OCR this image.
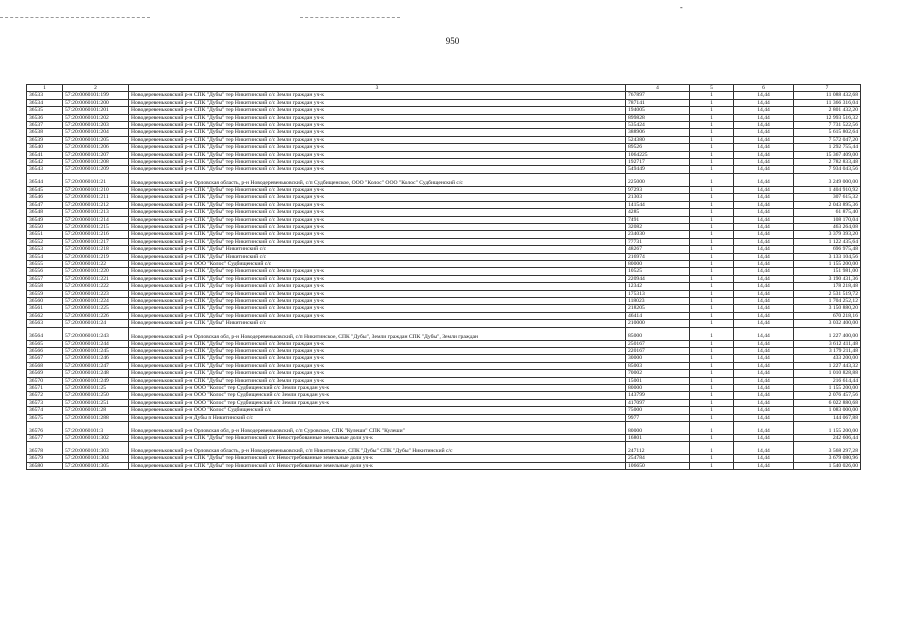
-
950
1	2	3	4	5	6	7
36533	57:20:0060101:199	Новодеревеньковский р-н СПК "Дубы" тер Никитинский с/с Земли граждан уч-к	767897	1	14,44	11 088 432,68
36534	57:20:0060101:200	Новодеревеньковский р-н СПК "Дубы" тер Никитинский с/с Земли граждан уч-к	787141	1	14,44	11 366 316,04
36535	57:20:0060101:201	Новодеревеньковский р-н СПК "Дубы" тер Никитинский с/с Земли граждан уч-к	194005	1	14,44	2 801 432,20
36536	57:20:0060101:202	Новодеревеньковский р-н СПК "Дубы" тер Никитинский с/с Земли граждан уч-к	899828	1	14,44	12 993 516,32
36537	57:20:0060101:203	Новодеревеньковский р-н СПК "Дубы" тер Никитинский с/с Земли граждан уч-к	535424	1	14,44	7 731 522,56
36538	57:20:0060101:204	Новодеревеньковский р-н СПК "Дубы" тер Никитинский с/с Земли граждан уч-к	388906	1	14,44	5 615 802,64
36539	57:20:0060101:205	Новодеревеньковский р-н СПК "Дубы" тер Никитинский с/с Земли граждан уч-к	524380	1	14,44	7 572 047,20
36540	57:20:0060101:206	Новодеревеньковский р-н СПК "Дубы" тер Никитинский с/с Земли граждан уч-к	89526	1	14,44	1 292 755,44
36541	57:20:0060101:207	Новодеревеньковский р-н СПК "Дубы" тер Никитинский с/с Земли граждан уч-к	1064225	1	14,44	15 367 409,00
36542	57:20:0060101:208	Новодеревеньковский р-н СПК "Дубы" тер Никитинский с/с Земли граждан уч-к	192717	1	14,44	2 782 833,48
36543	57:20:0060101:209	Новодеревеньковский р-н СПК "Дубы" тер Никитинский с/с Земли граждан уч-к	549449	1	14,44	7 934 043,56
36544	57:20:0060101:21	Новодеревеньковский р-н Орловская область, р-н Новодеревеньковский, с/п Судбищенское, ООО "Колос" ООО "Колос" Судбищенский с/с	225000	1	14,44	3 249 000,00
36545	57:20:0060101:210	Новодеревеньковский р-н СПК "Дубы" тер Никитинский с/с Земли граждан уч-к	97293	1	14,44	1 404 910,92
36546	57:20:0060101:211	Новодеревеньковский р-н СПК "Дубы" тер Никитинский с/с Земли граждан уч-к	21303	1	14,44	307 615,32
36547	57:20:0060101:212	Новодеревеньковский р-н СПК "Дубы" тер Никитинский с/с Земли граждан уч-к	141544	1	14,44	2 043 895,36
36548	57:20:0060101:213	Новодеревеньковский р-н СПК "Дубы" тер Никитинский с/с Земли граждан уч-к	4285	1	14,44	61 875,40
36549	57:20:0060101:214	Новодеревеньковский р-н СПК "Дубы" тер Никитинский с/с Земли граждан уч-к	7491	1	14,44	108 170,04
36550	57:20:0060101:215	Новодеревеньковский р-н СПК "Дубы" тер Никитинский с/с Земли граждан уч-к	32082	1	14,44	463 264,08
36551	57:20:0060101:216	Новодеревеньковский р-н СПК "Дубы" тер Никитинский с/с Земли граждан уч-к	234030	1	14,44	3 379 393,20
36552	57:20:0060101:217	Новодеревеньковский р-н СПК "Дубы" тер Никитинский с/с Земли граждан уч-к	77731	1	14,44	1 122 435,64
36553	57:20:0060101:218	Новодеревеньковский р-н СПК "Дубы" Никитинский с/с	48267	1	14,44	696 975,48
36554	57:20:0060101:219	Новодеревеньковский р-н СПК "Дубы" Никитинский с/с	216974	1	14,44	3 133 104,56
36555	57:20:0060101:22	Новодеревеньковский р-н ООО "Колос" Судбищенский с/с	80000	1	14,44	1 155 200,00
36556	57:20:0060101:220	Новодеревеньковский р-н СПК "Дубы" тер Никитинский с/с Земли граждан уч-к	10525	1	14,44	151 981,00
36557	57:20:0060101:221	Новодеревеньковский р-н СПК "Дубы" тер Никитинский с/с Земли граждан уч-к	220944	1	14,44	3 190 431,36
36558	57:20:0060101:222	Новодеревеньковский р-н СПК "Дубы" тер Никитинский с/с Земли граждан уч-к	12342	1	14,44	178 218,48
36559	57:20:0060101:223	Новодеревеньковский р-н СПК "Дубы" тер Никитинский с/с Земли граждан уч-к	175313	1	14,44	2 531 519,72
36560	57:20:0060101:224	Новодеревеньковский р-н СПК "Дубы" тер Никитинский с/с Земли граждан уч-к	118023	1	14,44	1 704 252,12
36561	57:20:0060101:225	Новодеревеньковский р-н СПК "Дубы" тер Никитинский с/с Земли граждан уч-к	218205	1	14,44	3 150 880,20
36562	57:20:0060101:226	Новодеревеньковский р-н СПК "Дубы" тер Никитинский с/с Земли граждан уч-к	46414	1	14,44	670 218,16
36563	57:20:0060101:24	Новодеревеньковский р-н СПК "Дубы" Никитинский с/с	210000	1	14,44	3 032 400,00
36564	57:20:0060101:243	Новодеревеньковский р-н Орловская обл, р-н Новодеревеньковский, с/п Никитинское, СПК "Дубы", Земли граждан СПК "Дубы", Земли граждан	85000	1	14,44	1 227 400,00
36565	57:20:0060101:244	Новодеревеньковский р-н СПК "Дубы" тер Никитинский с/с Земли граждан уч-к	250167	1	14,44	3 612 411,48
36566	57:20:0060101:245	Новодеревеньковский р-н СПК "Дубы" тер Никитинский с/с Земли граждан уч-к	220167	1	14,44	3 179 211,48
36567	57:20:0060101:246	Новодеревеньковский р-н СПК "Дубы" тер Никитинский с/с Земли граждан уч-к	30000	1	14,44	433 200,00
36568	57:20:0060101:247	Новодеревеньковский р-н СПК "Дубы" тер Никитинский с/с Земли граждан уч-к	85003	1	14,44	1 227 443,32
36569	57:20:0060101:248	Новодеревеньковский р-н СПК "Дубы" тер Никитинский с/с Земли граждан уч-к	70002	1	14,44	1 010 828,88
36570	57:20:0060101:249	Новодеревеньковский р-н СПК "Дубы" тер Никитинский с/с Земли граждан уч-к	15001	1	14,44	216 614,44
36571	57:20:0060101:25	Новодеревеньковский р-н ООО "Колос" тер Судбищенский с/с Земли граждан уч-к	80000	1	14,44	1 155 200,00
36572	57:20:0060101:250	Новодеревеньковский р-н ООО "Колос" тер Судбищенский с/с Земли граждан уч-к	143799	1	14,44	2 076 457,56
36573	57:20:0060101:251	Новодеревеньковский р-н ООО "Колос" тер Судбищенский с/с Земли граждан уч-к	417097	1	14,44	6 022 880,68
36574	57:20:0060101:28	Новодеревеньковский р-н ООО "Колос" Судбищенский с/с	75000	1	14,44	1 083 000,00
36575	57:20:0060101:288	Новодеревеньковский р-н Дубы п Никитинский с/с	9977	1	14,44	144 067,88
36576	57:20:0060101:3	Новодеревеньковский р-н Орловская обл, р-н Новодеревеньковский, с/п Суровское, СПК "Кулеши" СПК "Кулеши"	80000	1	14,44	1 155 200,00
36577	57:20:0060101:302	Новодеревеньковский р-н СПК "Дубы" тер Никитинский с/с Невостребованные земельные доли уч-к	16801	1	14,44	242 606,44
36578	57:20:0060101:303	Новодеревеньковский р-н Орловская область, р-н Новодеревеньковский, с/п Никитинское, СПК "Дубы" СПК "Дубы" Никитинский с/с	247112	1	14,44	3 568 297,28
36579	57:20:0060101:304	Новодеревеньковский р-н СПК "Дубы" тер Никитинский с/с Невостребованные земельные доли уч-к	254784	1	14,44	3 679 080,96
36580	57:20:0060101:305	Новодеревеньковский р-н СПК "Дубы" тер Никитинский с/с Невостребованные земельные доли уч-к	106650	1	14,44	1 540 026,00
